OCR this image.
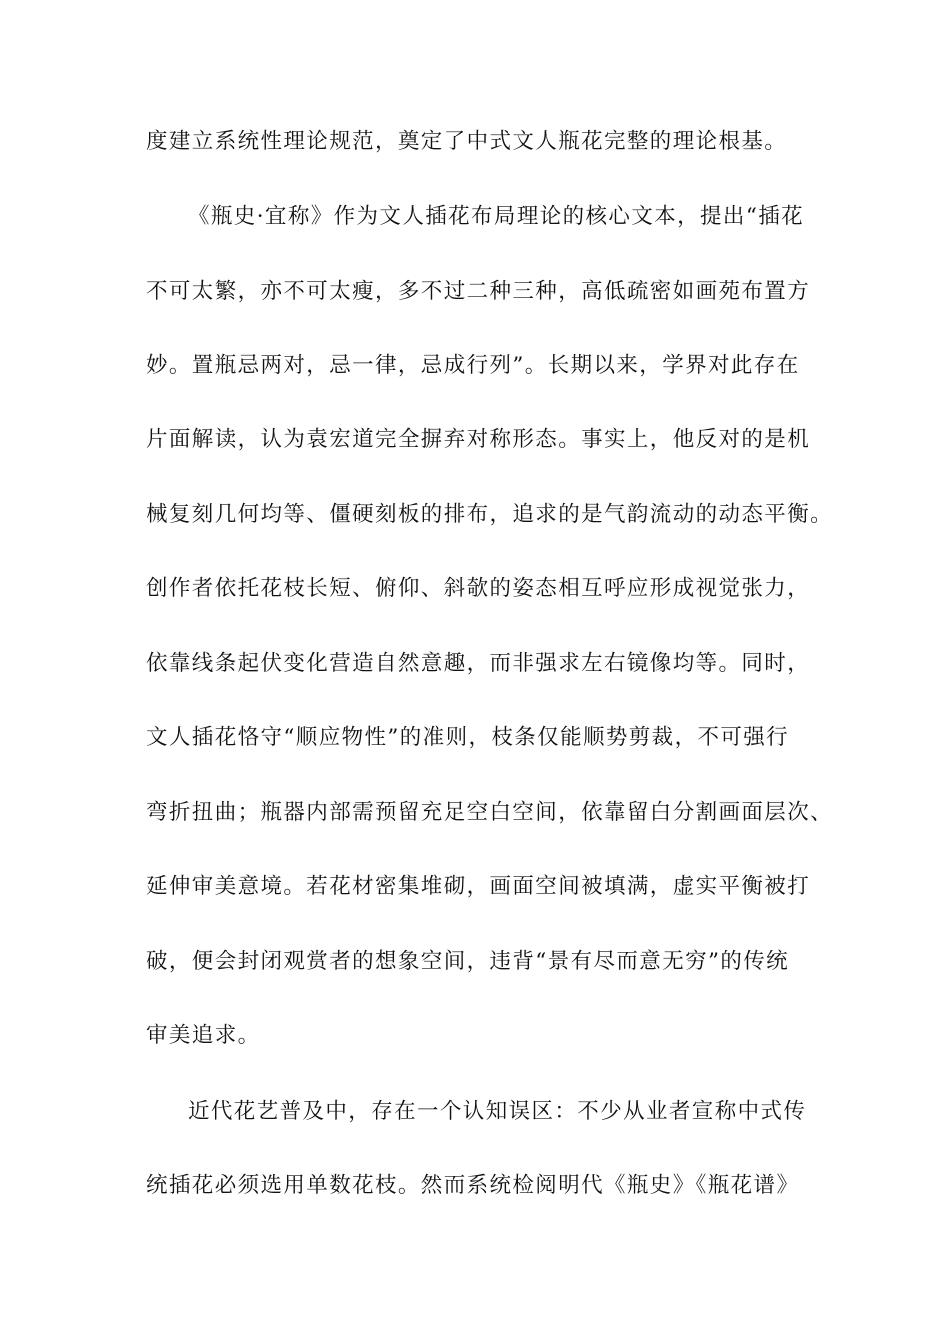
度建立系统性理论规范，奠定了中式文人瓶花完整的理论根基。
《瓶史·宜称》作为文人插花布局理论的核心文本，提出“插花
不可太繁，亦不可太瘦，多不过二种三种，高低疏密如画苑布置方
妙。置瓶忌两对，忌一律，忌成行列”。长期以来，学界对此存在
片面解读，认为袁宏道完全摒弃对称形态。事实上，他反对的是机
械复刻几何均等、僵硬刻板的排布，追求的是气韵流动的动态平衡。
创作者依托花枝长短、俯仰、斜欹的姿态相互呼应形成视觉张力，
依靠线条起伏变化营造自然意趣，而非强求左右镜像均等。同时，
文人插花恪守“顺应物性”的准则，枝条仅能顺势剪裁，不可强行
弯折扭曲；瓶器内部需预留充足空白空间，依靠留白分割画面层次、
延伸审美意境。若花材密集堆砌，画面空间被填满，虚实平衡被打
破，便会封闭观赏者的想象空间，违背“景有尽而意无穷”的传统
审美追求。
近代花艺普及中，存在一个认知误区：不少从业者宣称中式传
统插花必须选用单数花枝。然而系统检阅明代《瓶史》《瓶花谱》
